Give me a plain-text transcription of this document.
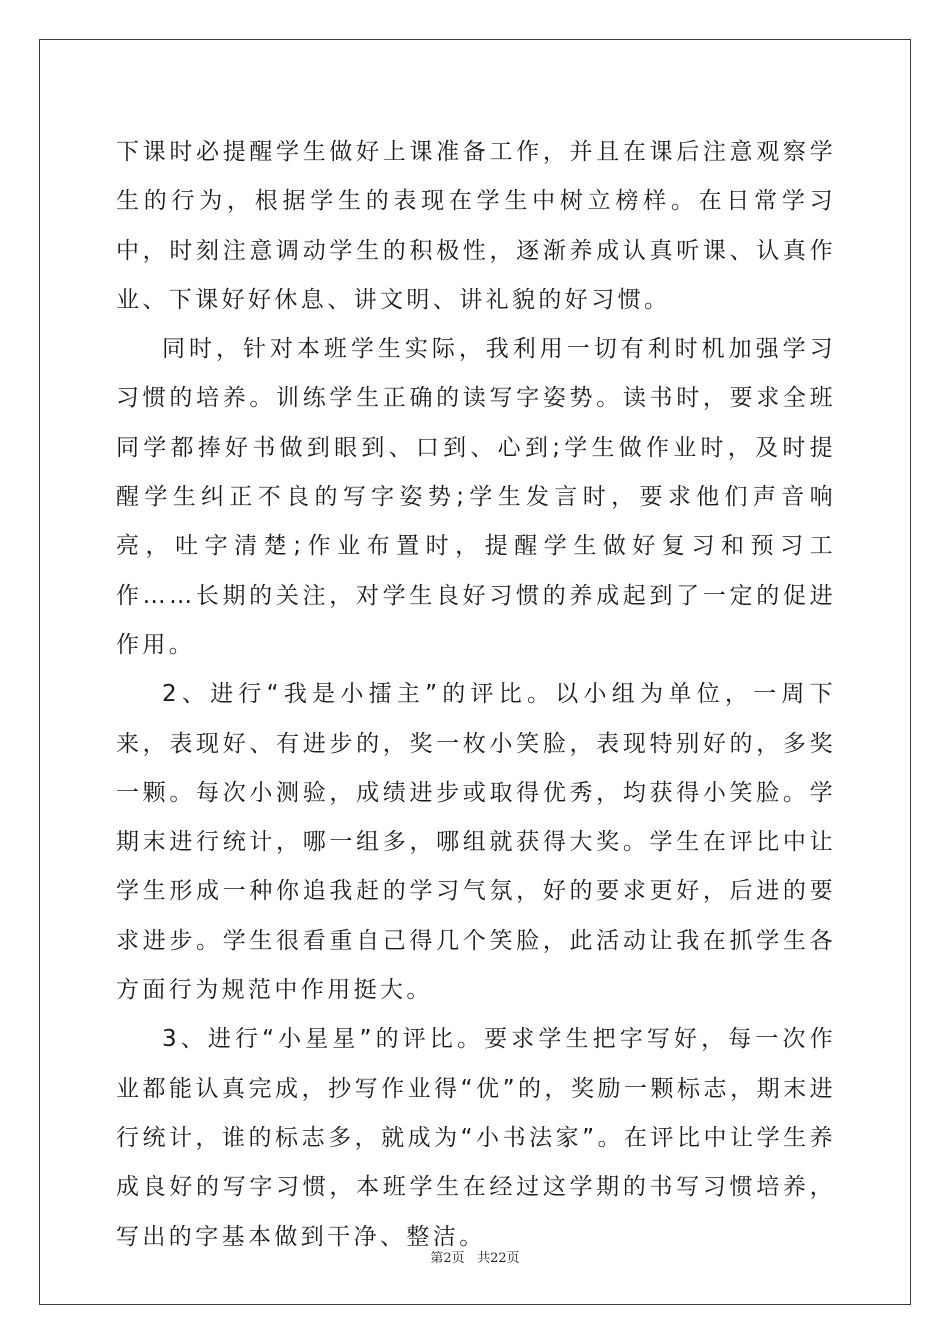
下课时必提醒学生做好上课准备工作，并且在课后注意观察学生的行为，根据学生的表现在学生中树立榜样。在日常学习中，时刻注意调动学生的积极性，逐渐养成认真听课、认真作业、下课好好休息、讲文明、讲礼貌的好习惯。

同时，针对本班学生实际，我利用一切有利时机加强学习习惯的培养。训练学生正确的读写字姿势。读书时，要求全班同学都捧好书做到眼到、口到、心到;学生做作业时，及时提醒学生纠正不良的写字姿势;学生发言时，要求他们声音响亮，吐字清楚;作业布置时，提醒学生做好复习和预习工作……长期的关注，对学生良好习惯的养成起到了一定的促进作用。

2、进行“我是小擂主”的评比。以小组为单位，一周下来，表现好、有进步的，奖一枚小笑脸，表现特别好的，多奖一颗。每次小测验，成绩进步或取得优秀，均获得小笑脸。学期末进行统计，哪一组多，哪组就获得大奖。学生在评比中让学生形成一种你追我赶的学习气氛，好的要求更好，后进的要求进步。学生很看重自己得几个笑脸，此活动让我在抓学生各方面行为规范中作用挺大。

3、进行“小星星”的评比。要求学生把字写好，每一次作业都能认真完成，抄写作业得“优”的，奖励一颗标志，期末进行统计，谁的标志多，就成为“小书法家”。在评比中让学生养成良好的写字习惯，本班学生在经过这学期的书写习惯培养，写出的字基本做到干净、整洁。

第2页 共22页
